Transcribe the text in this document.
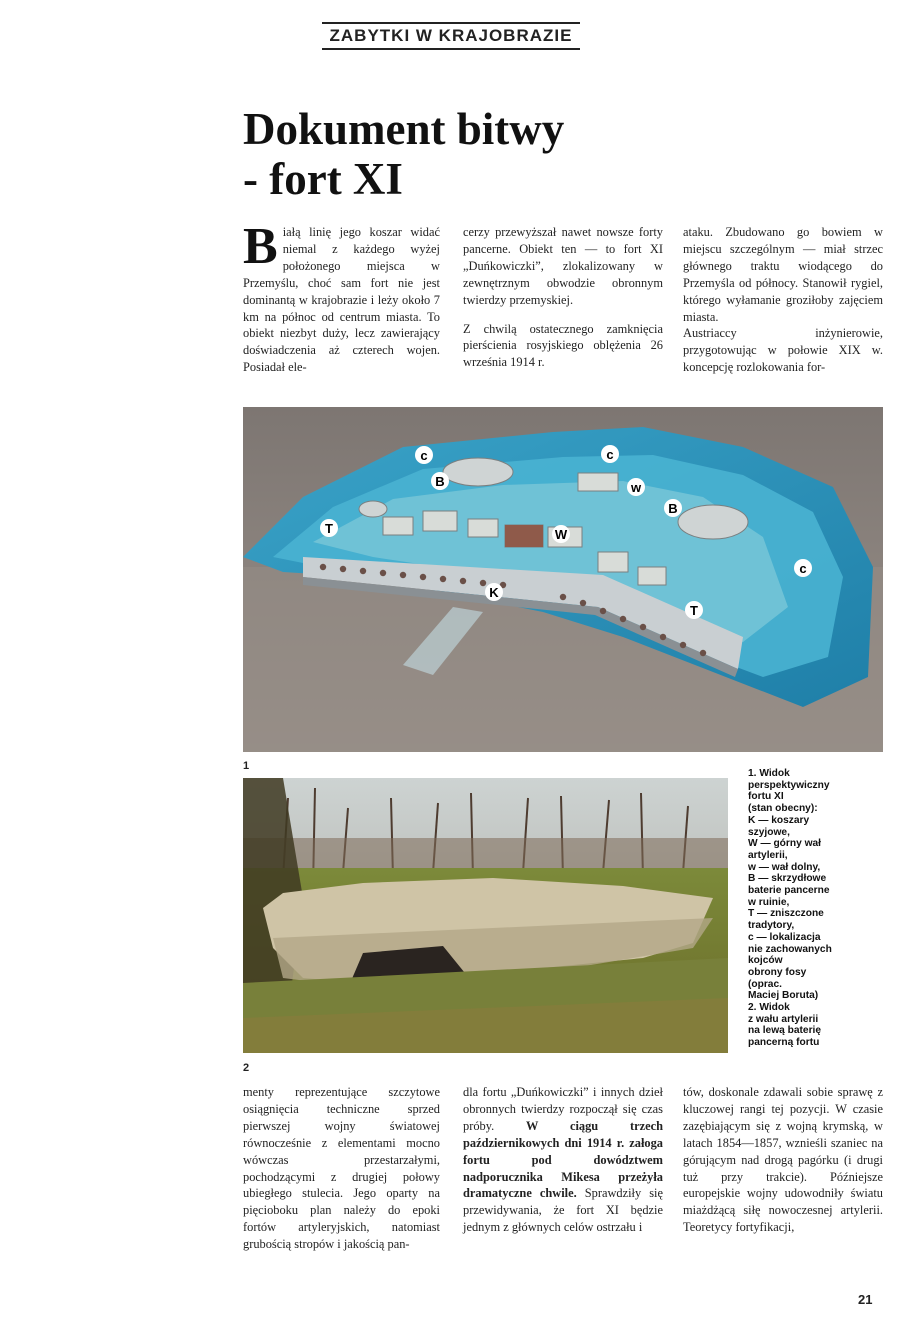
ZABYTKI W KRAJOBRAZIE
Dokument bitwy
- fort XI
Białą linię jego koszar widać niemal z każdego wyżej położonego miejsca w Przemyślu, choć sam fort nie jest dominantą w krajobrazie i leży około 7 km na północ od centrum miasta. To obiekt niezbyt duży, lecz zawierający doświadczenia aż czterech wojen. Posiadał ele-

cerzy przewyższał nawet nowsze forty pancerne. Obiekt ten — to fort XI „Duńkowiczki”, zlokalizowany w zewnętrznym obwodzie obronnym twierdzy przemyskiej.

Z chwilą ostatecznego zamknięcia pierścienia rosyjskiego oblężenia 26 września 1914 r.

ataku. Zbudowano go bowiem w miejscu szczególnym — miał strzec głównego traktu wiodącego do Przemyśla od północy. Stanowił rygiel, którego wyłamanie groziłoby zajęciem miasta.

Austriaccy inżynierowie, przygotowując w połowie XIX w. koncepcję rozlokowania for-

c	c
c
B
B
w
T
T
W
K
1
2
1. Widok
perspektywiczny
fortu XI
(stan obecny):
K — koszary
szyjowe,
W — górny wał
artylerii,
w — wał dolny,
B — skrzydłowe
baterie pancerne
w ruinie,
T — zniszczone
tradytory,
c — lokalizacja
nie zachowanych
kojców
obrony fosy
(oprac.
Maciej Boruta)
2. Widok
z wału artylerii
na lewą baterię
pancerną fortu

menty reprezentujące szczytowe osiągnięcia techniczne sprzed pierwszej wojny światowej równocześnie z elementami mocno wówczas przestarzałymi, pochodzącymi z drugiej połowy ubiegłego stulecia. Jego oparty na pięcioboku plan należy do epoki fortów artyleryjskich, natomiast grubością stropów i jakością pan-

dla fortu „Duńkowiczki” i innych dzieł obronnych twierdzy rozpoczął się czas próby.	W ciągu trzech październikowych dni 1914 r. załoga fortu pod dowództwem nadporucznika Mikesa przeżyła dramatyczne chwile. Sprawdziły się przewidywania, że fort XI będzie jednym z głównych celów ostrzału i

tów, doskonale zdawali sobie sprawę z kluczowej rangi tej pozycji. W czasie zazębiającym się z wojną krymską, w latach 1854—1857, wznieśli szaniec na górującym nad drogą pagórku (i drugi tuż przy trakcie). Późniejsze europejskie wojny udowodniły światu miażdżącą siłę nowoczesnej artylerii. Teoretycy fortyfikacji,

21
